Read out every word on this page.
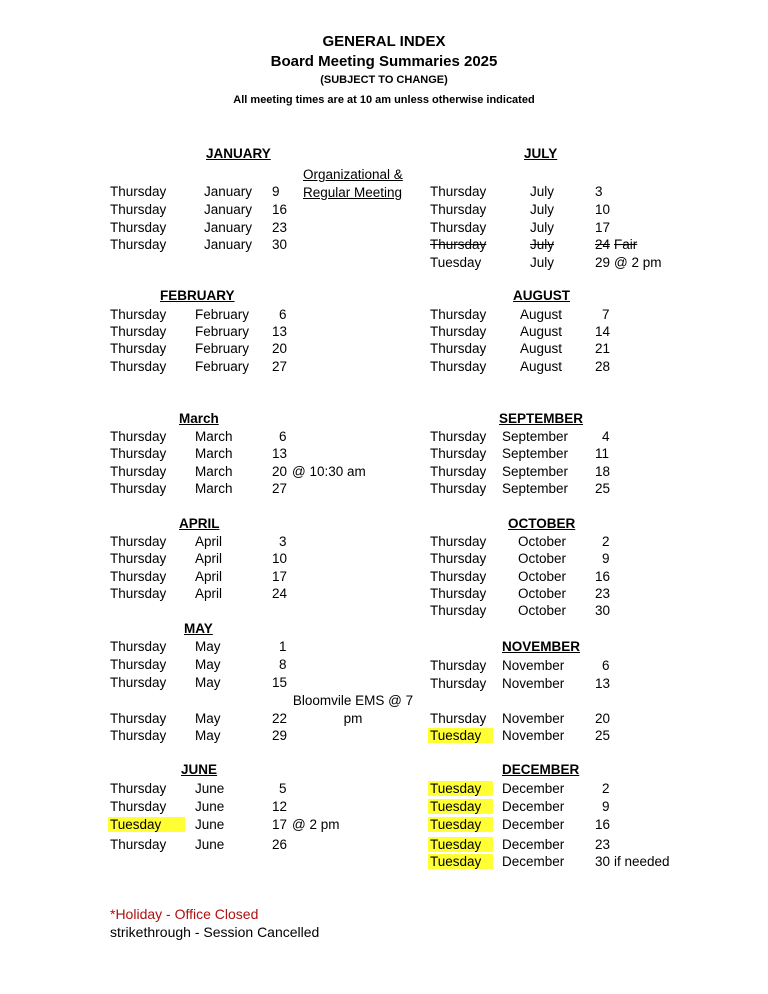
GENERAL INDEX
Board Meeting Summaries 2025
(SUBJECT TO CHANGE)
All meeting times are at 10 am unless otherwise indicated
JANUARY
Organizational &
Regular Meeting
Thursday	January 9
Thursday	January 16
Thursday	January 23
Thursday	January 30
FEBRUARY
Thursday February 6
Thursday February 13
Thursday February 20
Thursday February 27
March
Thursday March	6
Thursday March	13
Thursday March	20 @ 10:30 am
Thursday March	27
APRIL
Thursday April	3
Thursday April	10
Thursday April	17
Thursday April	24
MAY
Thursday May	1
Thursday May	8
Thursday May	15
Bloomvile EMS @ 7 pm
Thursday May	22
Thursday May	29
JUNE
Thursday June	5
Thursday June	12
Tuesday	June	17 @ 2 pm
Thursday June	26
JULY
Thursday	July	3
Thursday	July	10
Thursday	July	17
Thursday	July	24 Fair
Tuesday	July	29 @ 2 pm
AUGUST
Thursday August	7
Thursday August 14
Thursday August 21
Thursday August 28
SEPTEMBER
Thursday September	4
Thursday September 11
Thursday September 18
Thursday September 25
OCTOBER
Thursday October	2
Thursday October	9
Thursday October 16
Thursday October 23
Thursday October 30
NOVEMBER
Thursday November	6
Thursday November 13
Thursday November 20
Tuesday	November 25
DECEMBER
Tuesday	December	2
Tuesday	December	9
Tuesday	December 16
Tuesday	December 23
Tuesday	December 30 if needed
*Holiday - Office Closed
strikethrough - Session Cancelled
